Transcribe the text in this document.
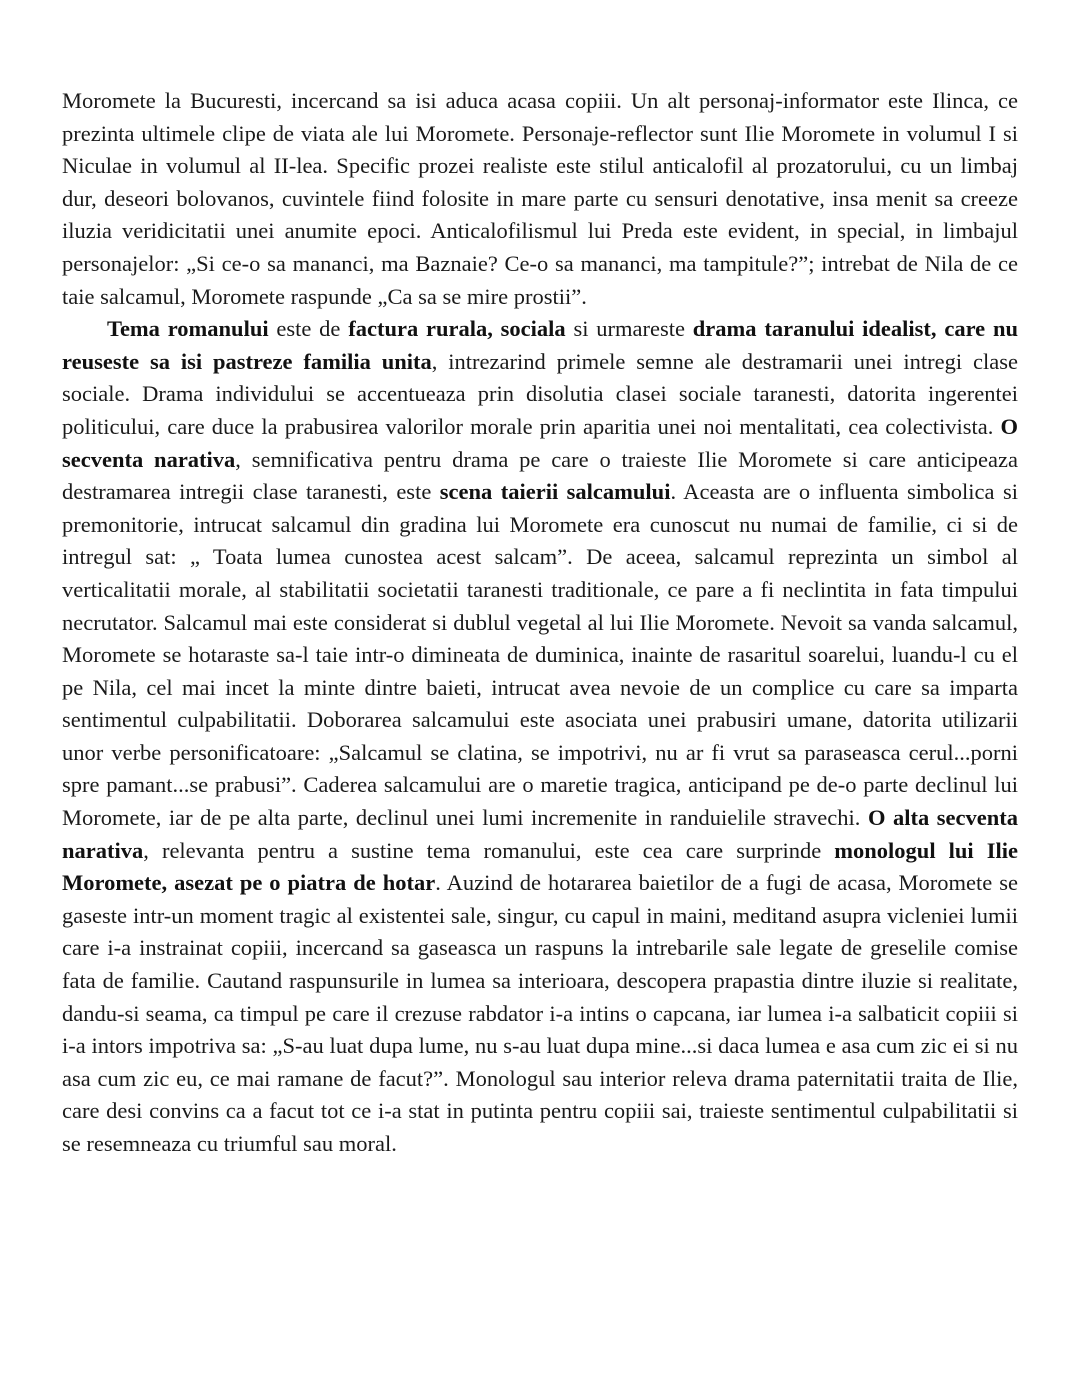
Moromete la Bucuresti, incercand sa isi aduca acasa copiii. Un alt personaj-informator este Ilinca, ce prezinta ultimele clipe de viata ale lui Moromete. Personaje-reflector sunt Ilie Moromete in volumul I si Niculae in volumul al II-lea. Specific prozei realiste este stilul anticalofil al prozatorului, cu un limbaj dur, deseori bolovanos, cuvintele fiind folosite in mare parte cu sensuri denotative, insa menit sa creeze iluzia veridicitatii unei anumite epoci. Anticalofilismul lui Preda este evident, in special, in limbajul personajelor: „Si ce-o sa mananci, ma Baznaie? Ce-o sa mananci, ma tampitule?”; intrebat de Nila de ce taie salcamul, Moromete raspunde „Ca sa se mire prostii”.

Tema romanului este de factura rurala, sociala si urmareste drama taranului idealist, care nu reuseste sa isi pastreze familia unita, intrezarind primele semne ale destramarii unei intregi clase sociale. Drama individului se accentueaza prin disolutia clasei sociale taranesti, datorita ingerentei politicului, care duce la prabusirea valorilor morale prin aparitia unei noi mentalitati, cea colectivista. O secventa narativa, semnificativa pentru drama pe care o traieste Ilie Moromete si care anticipeaza destramarea intregii clase taranesti, este scena taierii salcamului. Aceasta are o influenta simbolica si premonitorie, intrucat salcamul din gradina lui Moromete era cunoscut nu numai de familie, ci si de intregul sat: „ Toata lumea cunostea acest salcam”. De aceea, salcamul reprezinta un simbol al verticalitatii morale, al stabilitatii societatii taranesti traditionale, ce pare a fi neclintita in fata timpului necrutator. Salcamul mai este considerat si dublul vegetal al lui Ilie Moromete. Nevoit sa vanda salcamul, Moromete se hotaraste sa-l taie intr-o dimineata de duminica, inainte de rasaritul soarelui, luandu-l cu el pe Nila, cel mai incet la minte dintre baieti, intrucat avea nevoie de un complice cu care sa imparta sentimentul culpabilitatii. Doborarea salcamului este asociata unei prabusiri umane, datorita utilizarii unor verbe personificatoare: „Salcamul se clatina, se impotrivi, nu ar fi vrut sa paraseasca cerul...porni spre pamant...se prabusi”. Caderea salcamului are o maretie tragica, anticipand pe de-o parte declinul lui Moromete, iar de pe alta parte, declinul unei lumi incremenite in randuielile stravechi. O alta secventa narativa, relevanta pentru a sustine tema romanului, este cea care surprinde monologul lui Ilie Moromete, asezat pe o piatra de hotar. Auzind de hotararea baietilor de a fugi de acasa, Moromete se gaseste intr-un moment tragic al existentei sale, singur, cu capul in maini, meditand asupra vicleniei lumii care i-a instrainat copiii, incercand sa gaseasca un raspuns la intrebarile sale legate de greselile comise fata de familie. Cautand raspunsurile in lumea sa interioara, descopera prapastia dintre iluzie si realitate, dandu-si seama, ca timpul pe care il crezuse rabdator i-a intins o capcana, iar lumea i-a salbaticit copiii si i-a intors impotriva sa: „S-au luat dupa lume, nu s-au luat dupa mine...si daca lumea e asa cum zic ei si nu asa cum zic eu, ce mai ramane de facut?”. Monologul sau interior releva drama paternitatii traita de Ilie, care desi convins ca a facut tot ce i-a stat in putinta pentru copiii sai, traieste sentimentul culpabilitatii si se resemneaza cu triumful sau moral.
